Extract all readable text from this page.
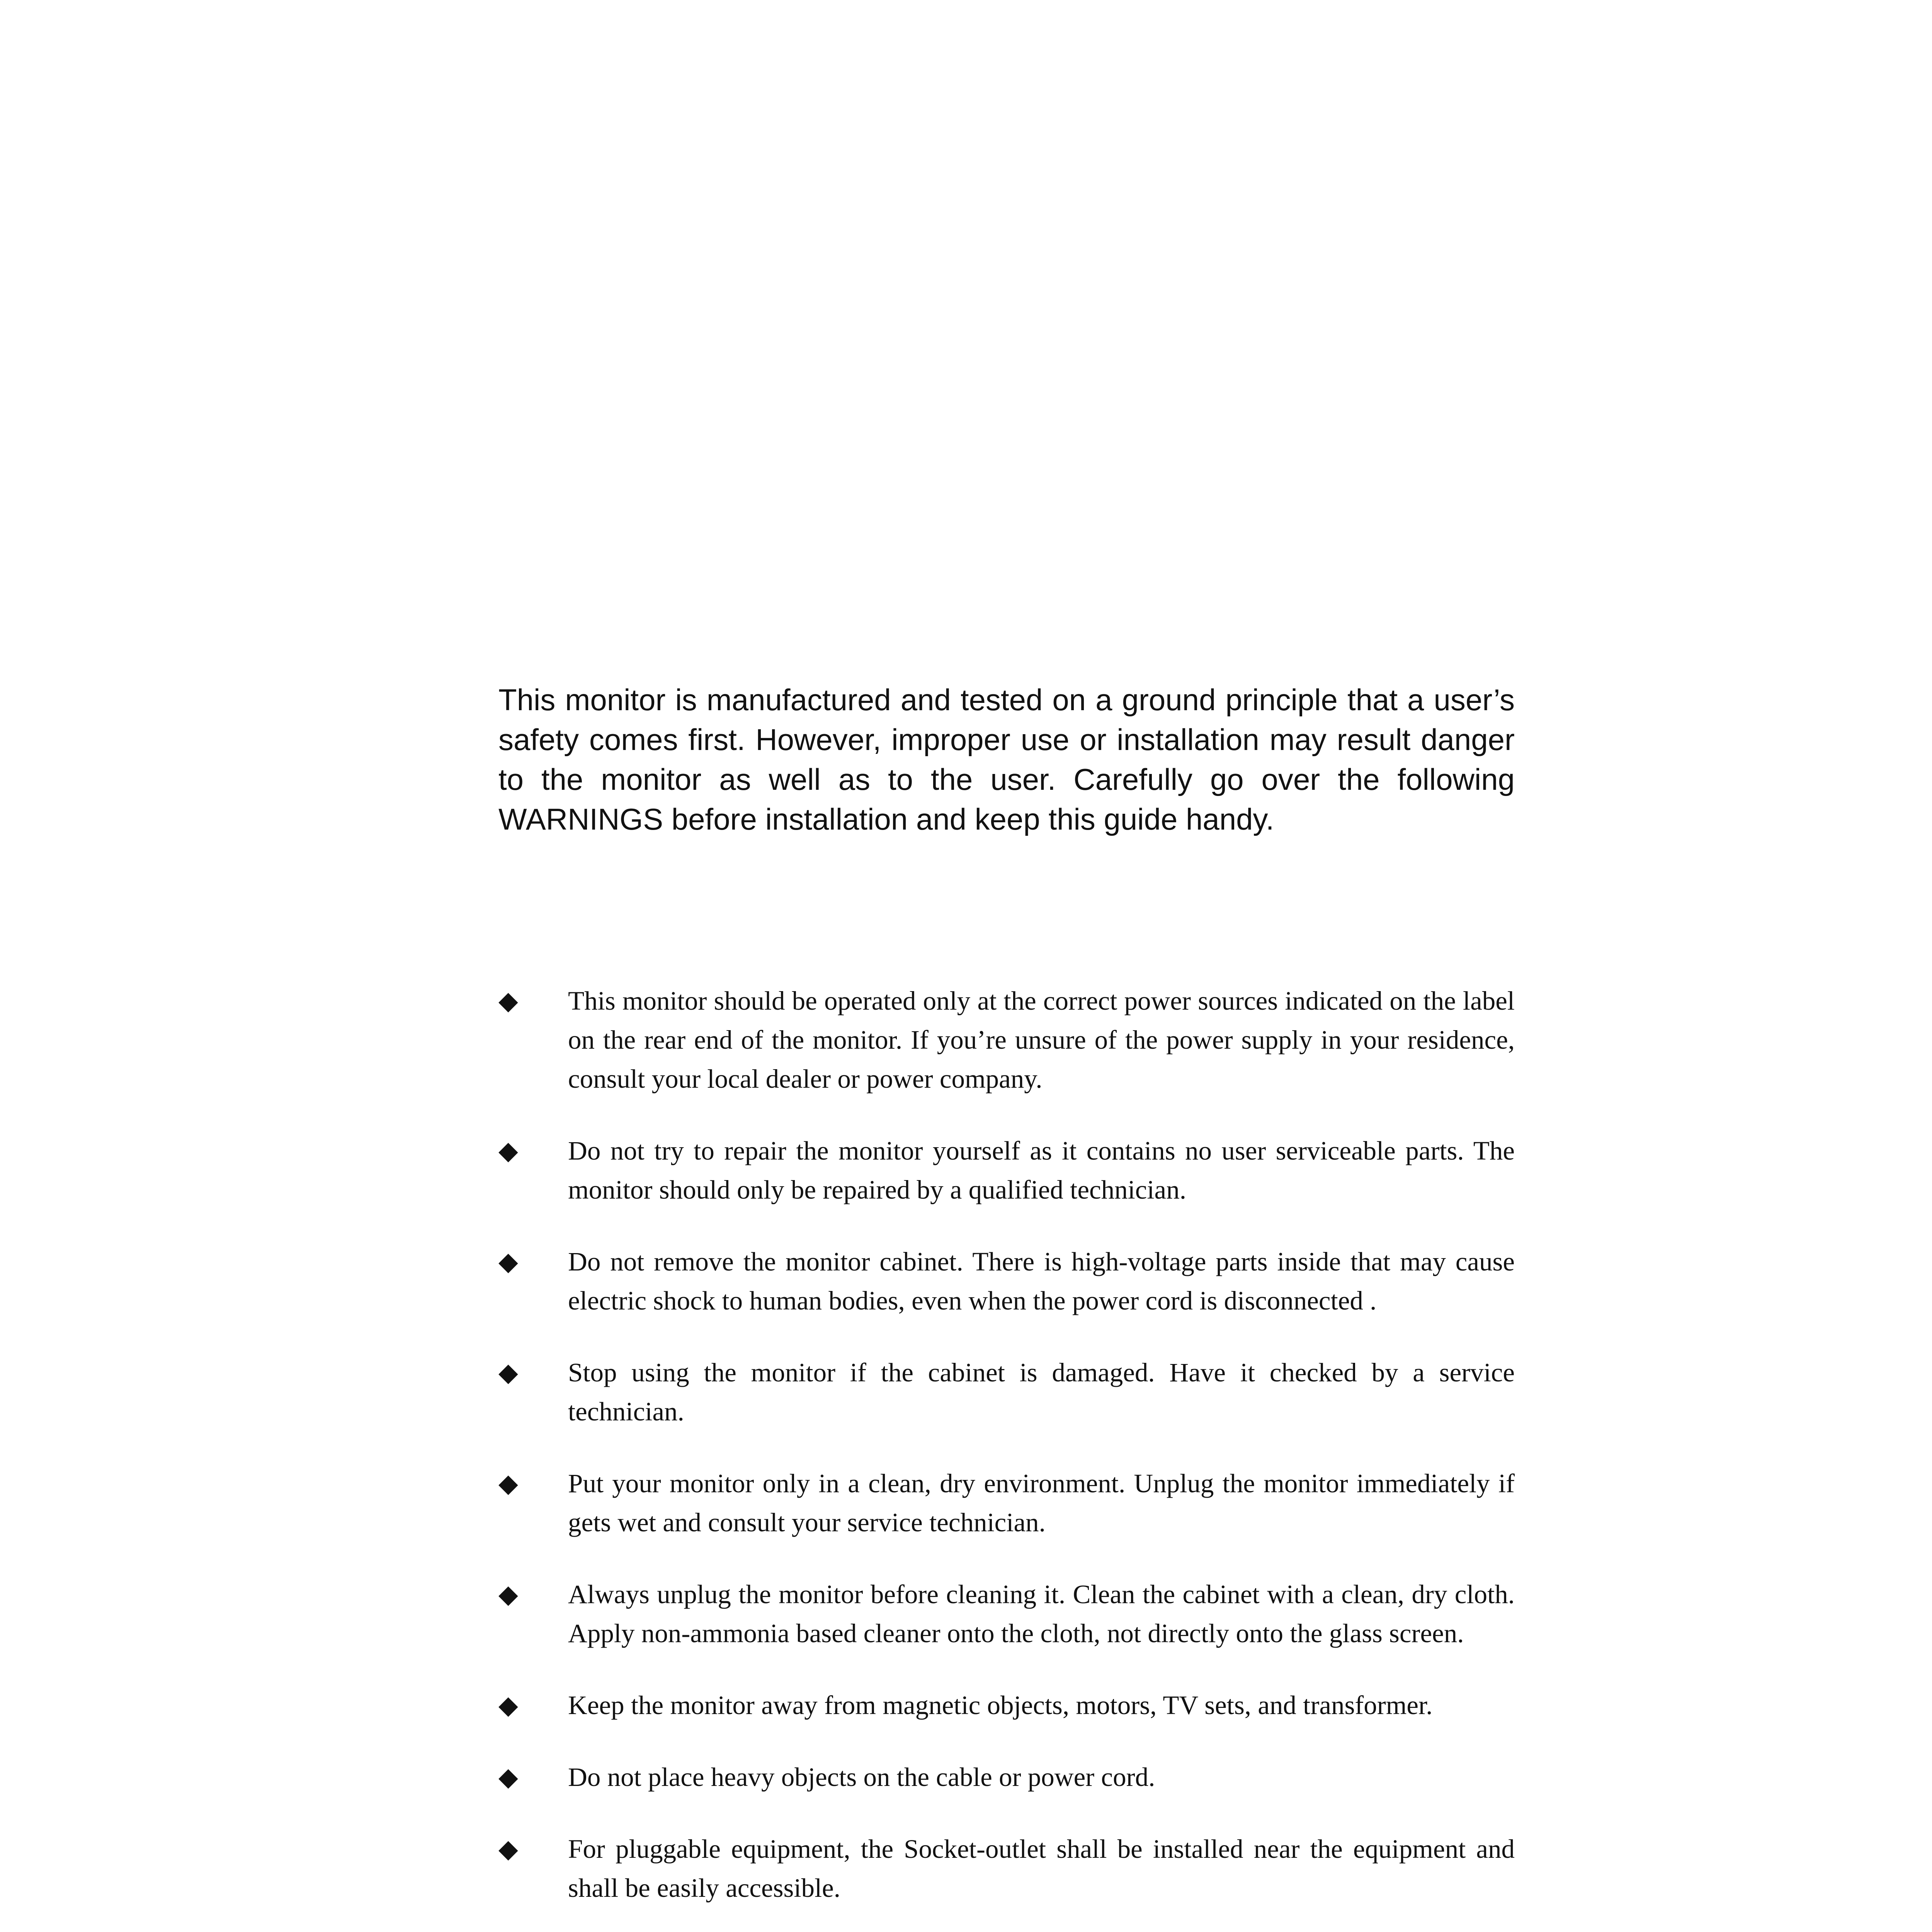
This monitor is manufactured and tested on a ground principle that a user’s safety comes first. However, improper use or installation may result danger to the monitor as well as to the user. Carefully go over the following WARNINGS before installation and keep this guide handy.

◆ This monitor should be operated only at the correct power sources indicated on the label on the rear end of the monitor. If you’re unsure of the power supply in your residence, consult your local dealer or power company.
◆ Do not try to repair the monitor yourself as it contains no user serviceable parts. The monitor should only be repaired by a qualified technician.
◆ Do not remove the monitor cabinet. There is high-voltage parts inside that may cause electric shock to human bodies, even when the power cord is disconnected .
◆ Stop using the monitor if the cabinet is damaged. Have it checked by a service technician.
◆ Put your monitor only in a clean, dry environment. Unplug the monitor immediately if gets wet and consult your service technician.
◆ Always unplug the monitor before cleaning it. Clean the cabinet with a clean, dry cloth. Apply non-ammonia based cleaner onto the cloth, not directly onto the glass screen.
◆ Keep the monitor away from magnetic objects, motors, TV sets, and transformer.
◆ Do not place heavy objects on the cable or power cord.
◆ For pluggable equipment, the Socket-outlet shall be installed near the equipment and shall be easily accessible.
